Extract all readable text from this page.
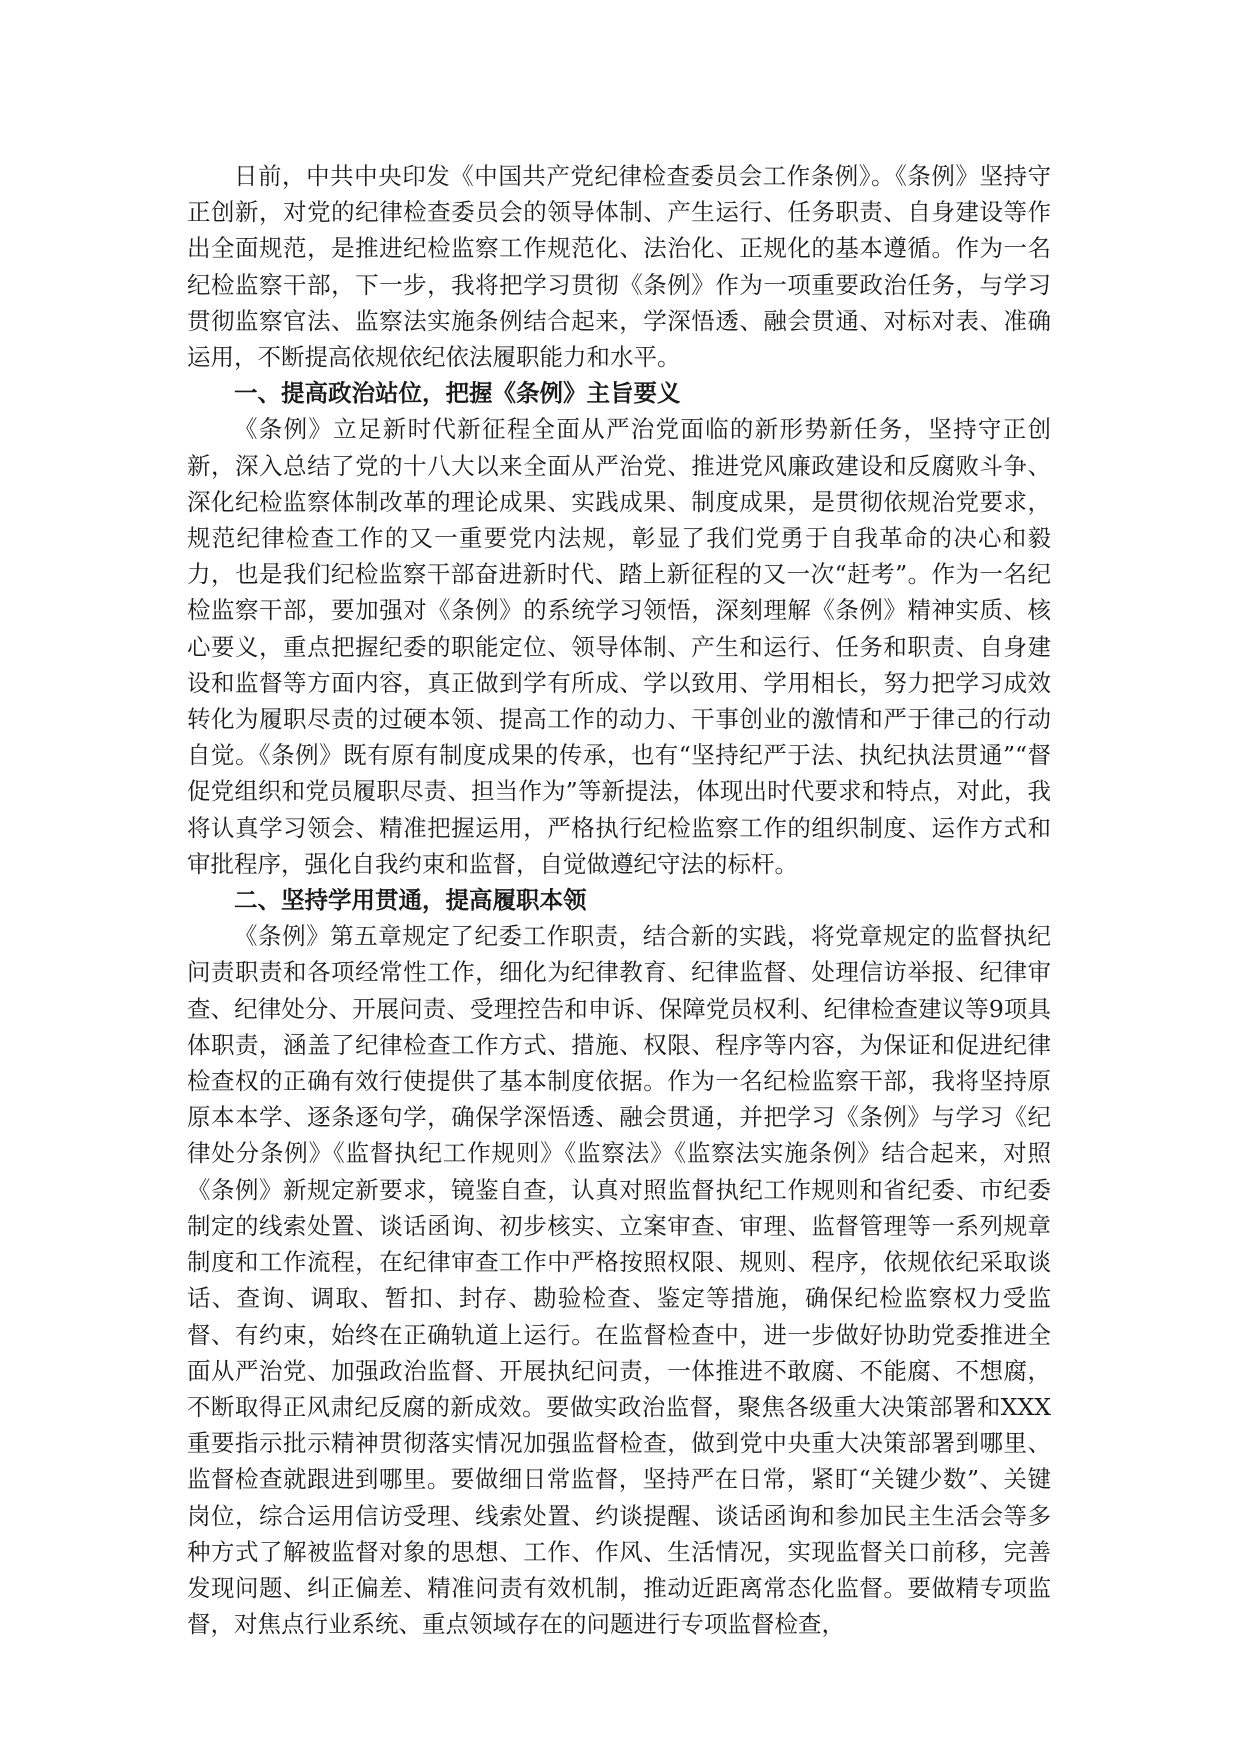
日前，中共中央印发《中国共产党纪律检查委员会工作条例》。《条例》坚持守正创新，对党的纪律检查委员会的领导体制、产生运行、任务职责、自身建设等作出全面规范，是推进纪检监察工作规范化、法治化、正规化的基本遵循。作为一名纪检监察干部，下一步，我将把学习贯彻《条例》作为一项重要政治任务，与学习贯彻监察官法、监察法实施条例结合起来，学深悟透、融会贯通、对标对表、准确运用，不断提高依规依纪依法履职能力和水平。

一、提高政治站位，把握《条例》主旨要义

《条例》立足新时代新征程全面从严治党面临的新形势新任务，坚持守正创新，深入总结了党的十八大以来全面从严治党、推进党风廉政建设和反腐败斗争、深化纪检监察体制改革的理论成果、实践成果、制度成果，是贯彻依规治党要求，规范纪律检查工作的又一重要党内法规，彰显了我们党勇于自我革命的决心和毅力，也是我们纪检监察干部奋进新时代、踏上新征程的又一次“赶考”。作为一名纪检监察干部，要加强对《条例》的系统学习领悟，深刻理解《条例》精神实质、核心要义，重点把握纪委的职能定位、领导体制、产生和运行、任务和职责、自身建设和监督等方面内容，真正做到学有所成、学以致用、学用相长，努力把学习成效转化为履职尽责的过硬本领、提高工作的动力、干事创业的激情和严于律己的行动自觉。《条例》既有原有制度成果的传承，也有“坚持纪严于法、执纪执法贯通”“督促党组织和党员履职尽责、担当作为”等新提法，体现出时代要求和特点，对此，我将认真学习领会、精准把握运用，严格执行纪检监察工作的组织制度、运作方式和审批程序，强化自我约束和监督，自觉做遵纪守法的标杆。

二、坚持学用贯通，提高履职本领

《条例》第五章规定了纪委工作职责，结合新的实践，将党章规定的监督执纪问责职责和各项经常性工作，细化为纪律教育、纪律监督、处理信访举报、纪律审查、纪律处分、开展问责、受理控告和申诉、保障党员权利、纪律检查建议等9项具体职责，涵盖了纪律检查工作方式、措施、权限、程序等内容，为保证和促进纪律检查权的正确有效行使提供了基本制度依据。作为一名纪检监察干部，我将坚持原原本本学、逐条逐句学，确保学深悟透、融会贯通，并把学习《条例》与学习《纪律处分条例》《监督执纪工作规则》《监察法》《监察法实施条例》结合起来，对照《条例》新规定新要求，镜鉴自查，认真对照监督执纪工作规则和省纪委、市纪委制定的线索处置、谈话函询、初步核实、立案审查、审理、监督管理等一系列规章制度和工作流程，在纪律审查工作中严格按照权限、规则、程序，依规依纪采取谈话、查询、调取、暂扣、封存、勘验检查、鉴定等措施，确保纪检监察权力受监督、有约束，始终在正确轨道上运行。在监督检查中，进一步做好协助党委推进全面从严治党、加强政治监督、开展执纪问责，一体推进不敢腐、不能腐、不想腐，不断取得正风肃纪反腐的新成效。要做实政治监督，聚焦各级重大决策部署和XXX重要指示批示精神贯彻落实情况加强监督检查，做到党中央重大决策部署到哪里、监督检查就跟进到哪里。要做细日常监督，坚持严在日常，紧盯“关键少数”、关键岗位，综合运用信访受理、线索处置、约谈提醒、谈话函询和参加民主生活会等多种方式了解被监督对象的思想、工作、作风、生活情况，实现监督关口前移，完善发现问题、纠正偏差、精准问责有效机制，推动近距离常态化监督。要做精专项监督，对焦点行业系统、重点领域存在的问题进行专项监督检查，
